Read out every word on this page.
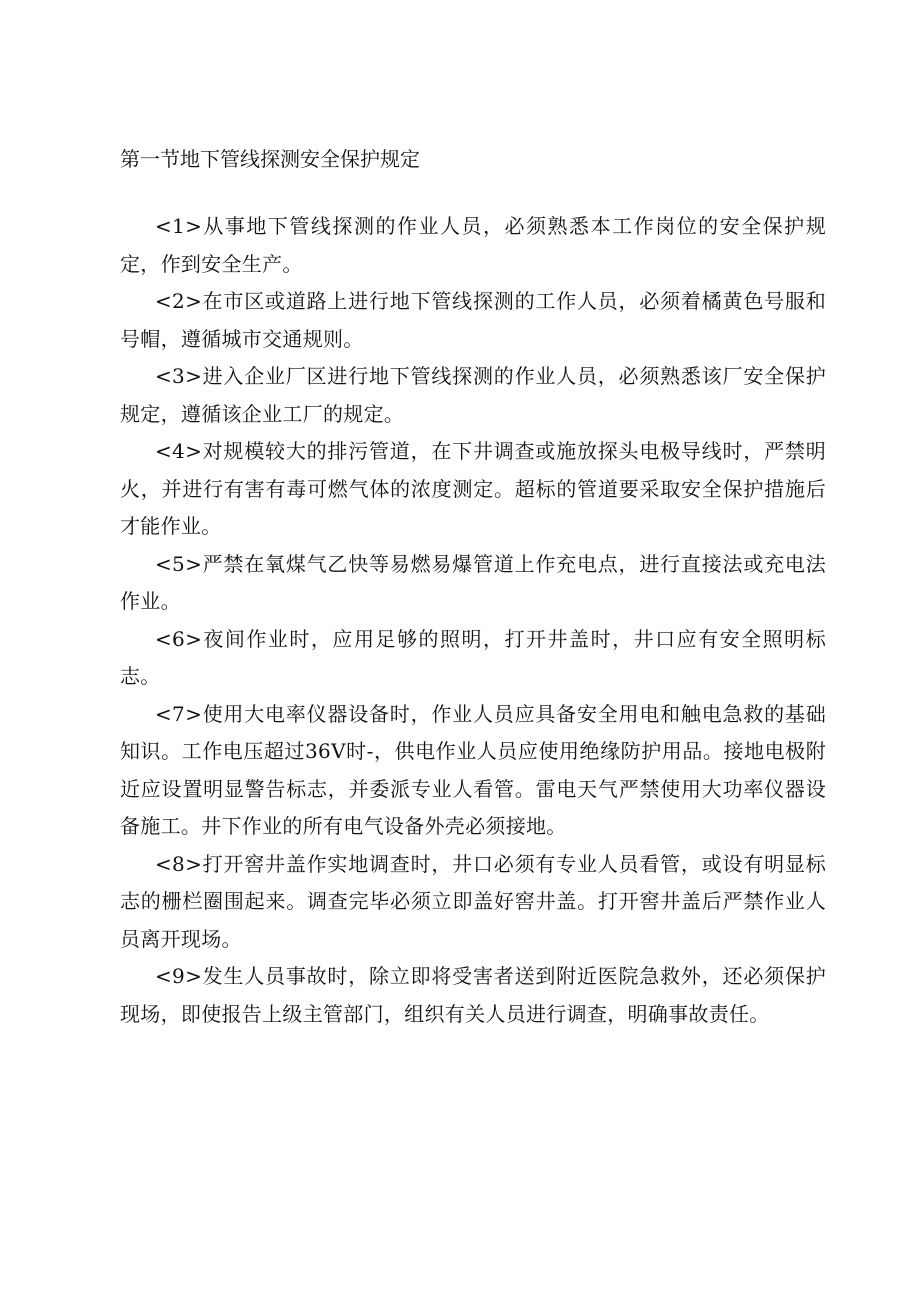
第一节地下管线探测安全保护规定

<1>从事地下管线探测的作业人员，必须熟悉本工作岗位的安全保护规定，作到安全生产。

<2>在市区或道路上进行地下管线探测的工作人员，必须着橘黄色号服和号帽，遵循城市交通规则。

<3>进入企业厂区进行地下管线探测的作业人员，必须熟悉该厂安全保护规定，遵循该企业工厂的规定。

<4>对规模较大的排污管道，在下井调查或施放探头电极导线时，严禁明火，并进行有害有毒可燃气体的浓度测定。超标的管道要采取安全保护措施后才能作业。

<5>严禁在氧煤气乙快等易燃易爆管道上作充电点，进行直接法或充电法作业。

<6>夜间作业时，应用足够的照明，打开井盖时，井口应有安全照明标志。

<7>使用大电率仪器设备时，作业人员应具备安全用电和触电急救的基础知识。工作电压超过36V时-，供电作业人员应使用绝缘防护用品。接地电极附近应设置明显警告标志，并委派专业人看管。雷电天气严禁使用大功率仪器设备施工。井下作业的所有电气设备外壳必须接地。

<8>打开窖井盖作实地调查时，井口必须有专业人员看管，或设有明显标志的栅栏圈围起来。调查完毕必须立即盖好窖井盖。打开窖井盖后严禁作业人员离开现场。

<9>发生人员事故时，除立即将受害者送到附近医院急救外，还必须保护现场，即使报告上级主管部门，组织有关人员进行调查，明确事故责任。
